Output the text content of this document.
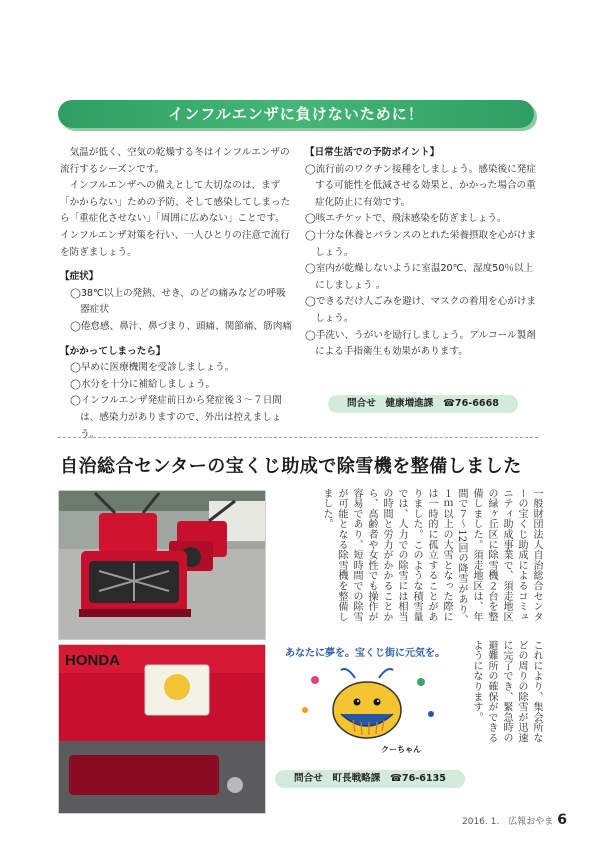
インフルエンザに負けないために！

気温が低く、空気の乾燥する冬はインフルエンザの流行するシーズンです。

インフルエンザへの備えとして大切なのは、まず「かからない」ための予防、そして感染してしまったら「重症化させない」「周囲に広めない」ことです。インフルエンザ対策を行い、一人ひとりの注意で流行を防ぎましょう。

【症状】

◯38℃以上の発熱、せき、のどの痛みなどの呼吸器症状

◯倦怠感、鼻汁、鼻づまり、頭痛、関節痛、筋肉痛

【かかってしまったら】

◯早めに医療機関を受診しましょう。

◯水分を十分に補給しましょう。

◯インフルエンザ発症前日から発症後３～７日間は、感染力がありますので、外出は控えましょう。

【日常生活での予防ポイント】

◯流行前のワクチン接種をしましょう。感染後に発症する可能性を低減させる効果と、かかった場合の重症化防止に有効です。

◯咳エチケットで、飛沫感染を防ぎましょう。

◯十分な休養とバランスのとれた栄養摂取を心がけましょう。

◯室内が乾燥しないように室温20℃、湿度50％以上にしましょう 。

◯できるだけ人ごみを避け、マスクの着用を心がけましょう。

◯手洗い、うがいを励行しましょう。アルコール製剤による手指衛生も効果があります。

問合せ　健康増進課　☎76-6668
自治総合センターの宝くじ助成で除雪機を整備しました
HONDA
一般財団法人自治総合センターの宝くじ助成によるコミュニティ助成事業で、須走地区の緑ヶ丘区に除雪機２台を整備しました。須走地区は、年間で７～12回の降雪があり、１ｍ以上の大雪となった際には一時的に孤立することがありました。このような積雪量では、人力での除雪には相当の時間と労力がかかることから、高齢者や女性でも操作が容易であり、短時間での除雪が可能となる除雪機を整備しました。
これにより、集会所などの周りの除雪が迅速に完了でき、緊急時の避難所の確保ができるようになります。
あなたに夢を。宝くじ街に元気を。
クーちゃん
問合せ　町長戦略課　☎76-6135
2016. 1.　広報おやま 6
